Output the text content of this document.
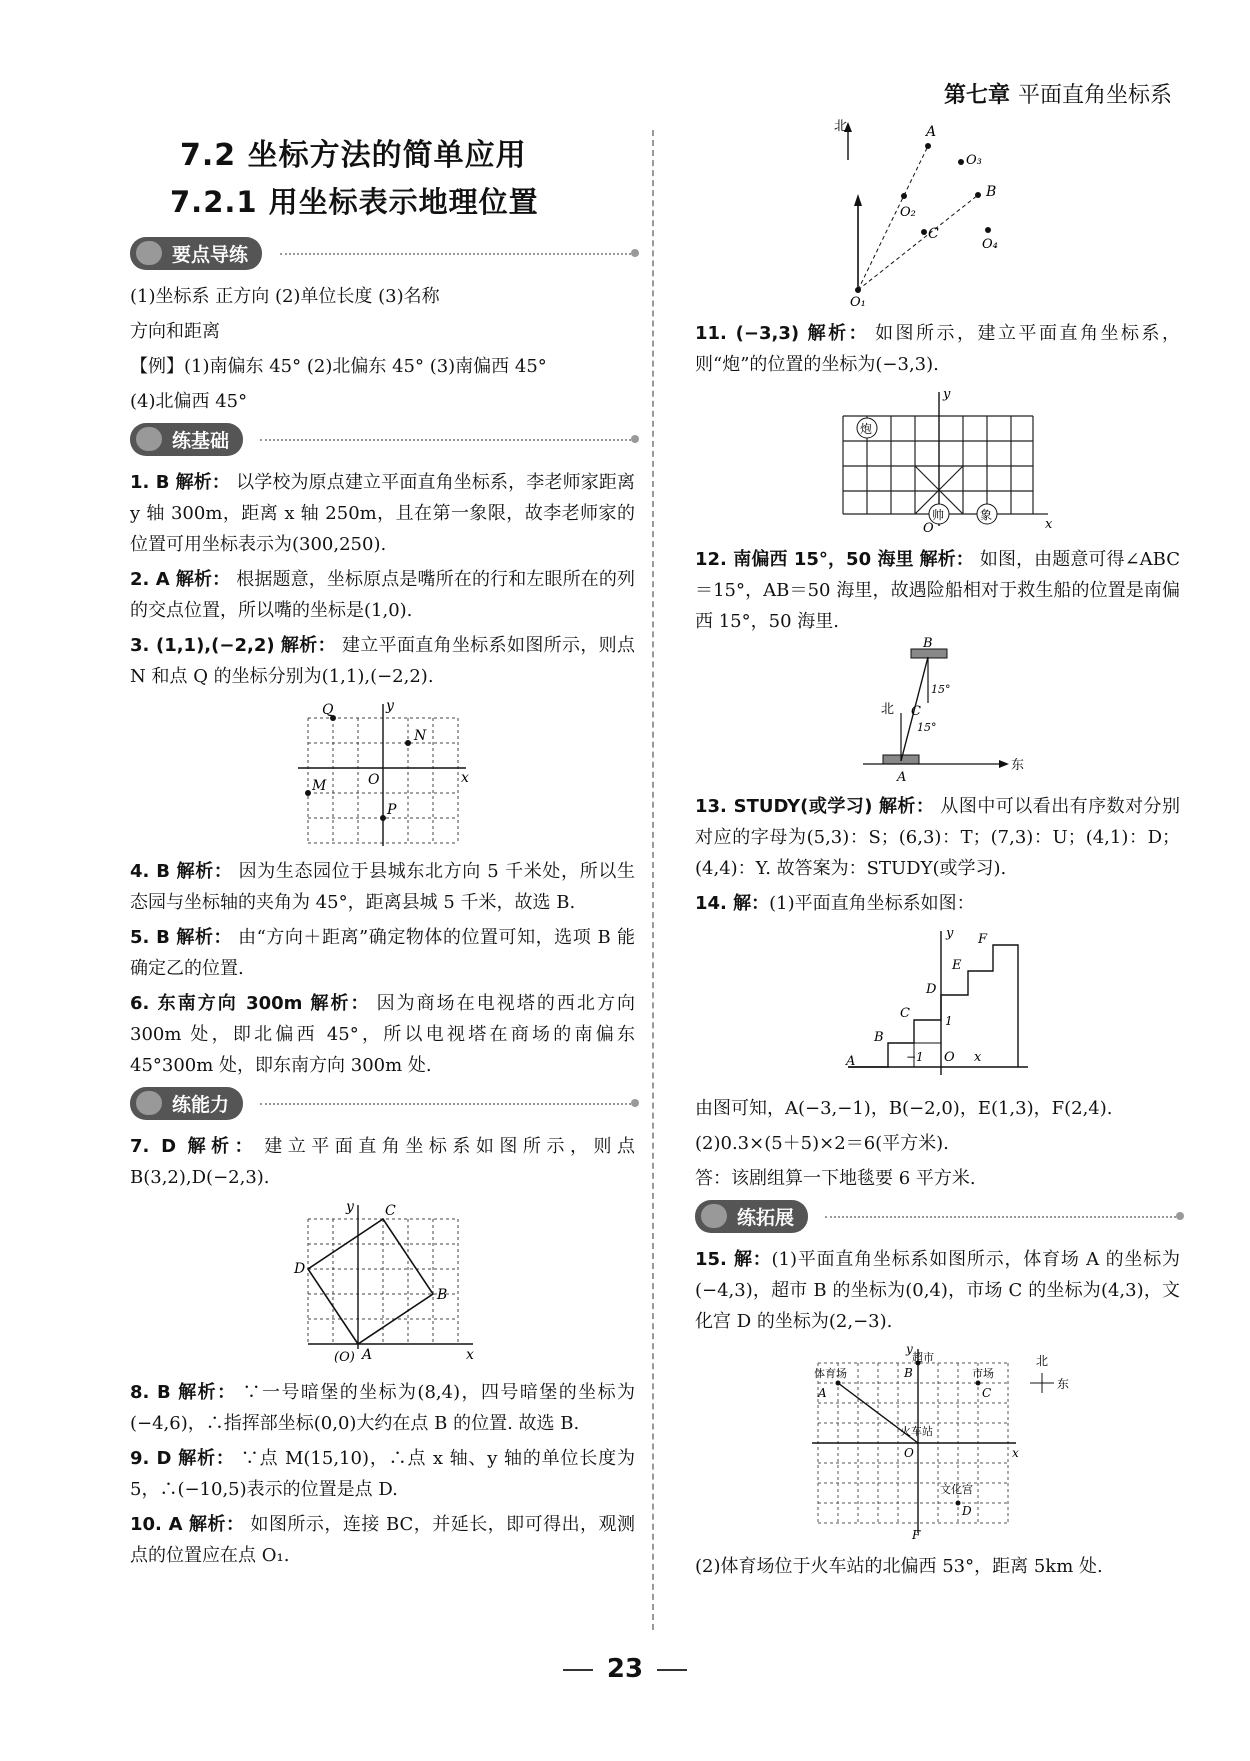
第七章 平面直角坐标系
7.2 坐标方法的简单应用
7.2.1 用坐标表示地理位置
要点导练

(1)坐标系 正方向 (2)单位长度 (3)名称

方向和距离

【例】(1)南偏东 45° (2)北偏东 45° (3)南偏西 45°

(4)北偏西 45°

练基础

1. B 解析： 以学校为原点建立平面直角坐标系，李老师家距离 y 轴 300m，距离 x 轴 250m，且在第一象限，故李老师家的位置可用坐标表示为(300,250).

2. A 解析： 根据题意，坐标原点是嘴所在的行和左眼所在的列的交点位置，所以嘴的坐标是(1,0).

3. (1,1),(−2,2) 解析： 建立平面直角坐标系如图所示，则点 N 和点 Q 的坐标分别为(1,1),(−2,2).

Q
N
M
P
O	x
y

4. B 解析： 因为生态园位于县城东北方向 5 千米处，所以生态园与坐标轴的夹角为 45°，距离县城 5 千米，故选 B.

5. B 解析： 由“方向＋距离”确定物体的位置可知，选项 B 能确定乙的位置.

6. 东南方向 300m 解析： 因为商场在电视塔的西北方向 300m 处，即北偏西 45°，所以电视塔在商场的南偏东 45°300m 处，即东南方向 300m 处.

练能力

7. D 解析： 建立平面直角坐标系如图所示，则点 B(3,2),D(−2,3).

C
D
B
A
(O)	x
y

8. B 解析： ∵一号暗堡的坐标为(8,4)，四号暗堡的坐标为(−4,6)，∴指挥部坐标(0,0)大约在点 B 的位置. 故选 B.

9. D 解析： ∵点 M(15,10)，∴点 x 轴、y 轴的单位长度为 5，∴(−10,5)表示的位置是点 D.

10. A 解析： 如图所示，连接 BC，并延长，即可得出，观测点的位置应在点 O₁.

北	A
O₃
B
O₂
C
O₄
O₁

11. (−3,3) 解析： 如图所示，建立平面直角坐标系，则“炮”的位置的坐标为(−3,3).

炮
帅	象
O	x
y

12. 南偏西 15°，50 海里 解析： 如图，由题意可得∠ABC＝15°，AB＝50 海里，故遇险船相对于救生船的位置是南偏西 15°，50 海里.

B
A
C
15°
15°
北
东

13. STUDY(或学习) 解析： 从图中可以看出有序数对分别对应的字母为(5,3)：S；(6,3)：T；(7,3)：U；(4,1)：D；(4,4)：Y. 故答案为：STUDY(或学习).

14. 解：(1)平面直角坐标系如图：

A
B
C
D
E
F
1
−1 O x
y

由图可知，A(−3,−1)，B(−2,0)，E(1,3)，F(2,4).

(2)0.3×(5＋5)×2＝6(平方米).

答：该剧组算一下地毯要 6 平方米.

练拓展

15. 解：(1)平面直角坐标系如图所示，体育场 A 的坐标为(−4,3)，超市 B 的坐标为(0,4)，市场 C 的坐标为(4,3)，文化宫 D 的坐标为(2,−3).

A
B
C
D
O
F
x
y
超市
体育场	市场
火车站
文化宫
北
东

(2)体育场位于火车站的北偏西 53°，距离 5km 处.

23
